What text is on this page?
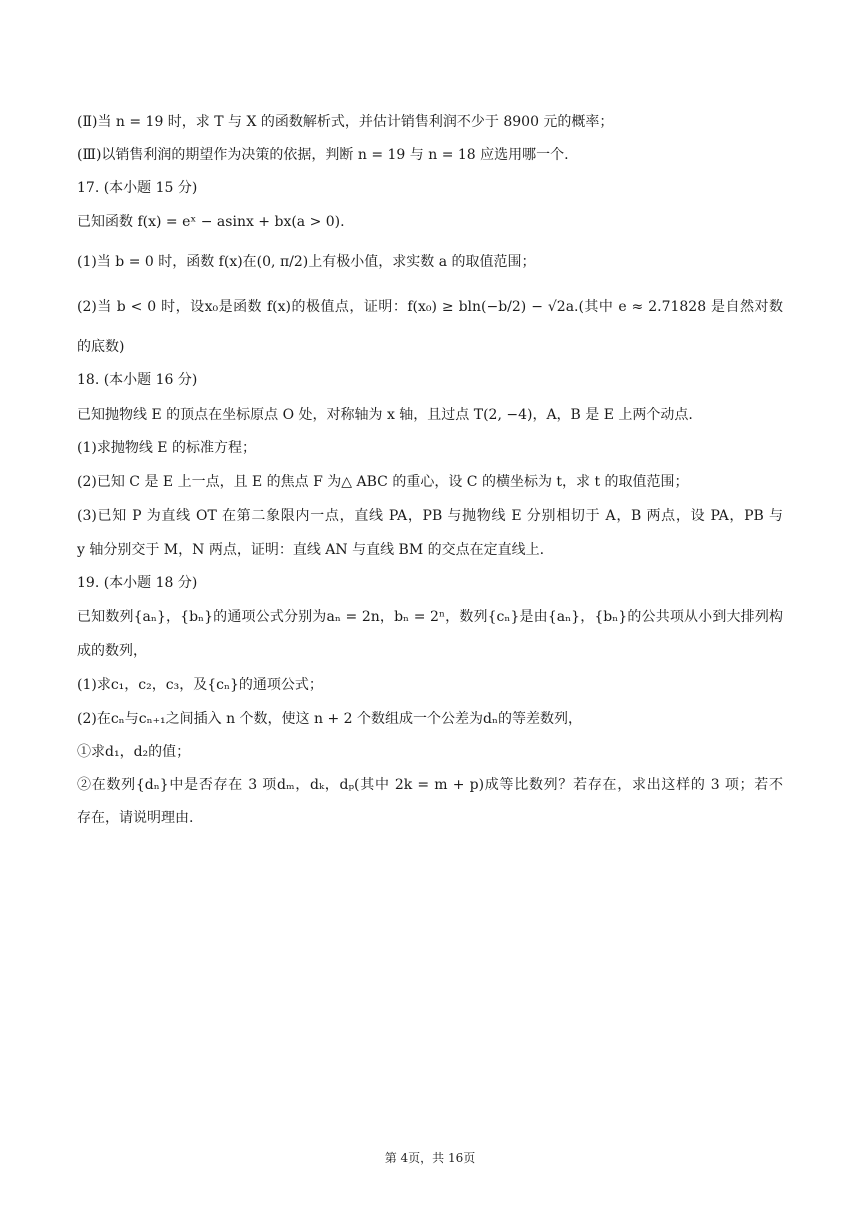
(Ⅱ)当 n = 19 时，求 T 与 X 的函数解析式，并估计销售利润不少于 8900 元的概率；
(Ⅲ)以销售利润的期望作为决策的依据，判断 n = 19 与 n = 18 应选用哪一个.
17. (本小题 15 分)
已知函数 f(x) = eˣ − asinx + bx(a > 0).
(1)当 b = 0 时，函数 f(x)在(0, π/2)上有极小值，求实数 a 的取值范围；
(2)当 b < 0 时，设x₀是函数 f(x)的极值点，证明：f(x₀) ≥ bln(−b/2) − √2a.(其中 e ≈ 2.71828 是自然对数
的底数)
18. (本小题 16 分)
已知抛物线 E 的顶点在坐标原点 O 处，对称轴为 x 轴，且过点 T(2, −4)，A，B 是 E 上两个动点.
(1)求抛物线 E 的标准方程；
(2)已知 C 是 E 上一点，且 E 的焦点 F 为△ ABC 的重心，设 C 的横坐标为 t，求 t 的取值范围；
(3)已知 P 为直线 OT 在第二象限内一点，直线 PA，PB 与抛物线 E 分别相切于 A，B 两点，设 PA，PB 与
y 轴分别交于 M，N 两点，证明：直线 AN 与直线 BM 的交点在定直线上.
19. (本小题 18 分)
已知数列{aₙ}，{bₙ}的通项公式分别为aₙ = 2n，bₙ = 2ⁿ，数列{cₙ}是由{aₙ}，{bₙ}的公共项从小到大排列构
成的数列，
(1)求c₁，c₂，c₃，及{cₙ}的通项公式；
(2)在cₙ与cₙ₊₁之间插入 n 个数，使这 n + 2 个数组成一个公差为dₙ的等差数列，
①求d₁，d₂的值；
②在数列{dₙ}中是否存在 3 项dₘ，dₖ，dₚ(其中 2k = m + p)成等比数列？若存在，求出这样的 3 项；若不
存在，请说明理由.
第 4页，共 16页
